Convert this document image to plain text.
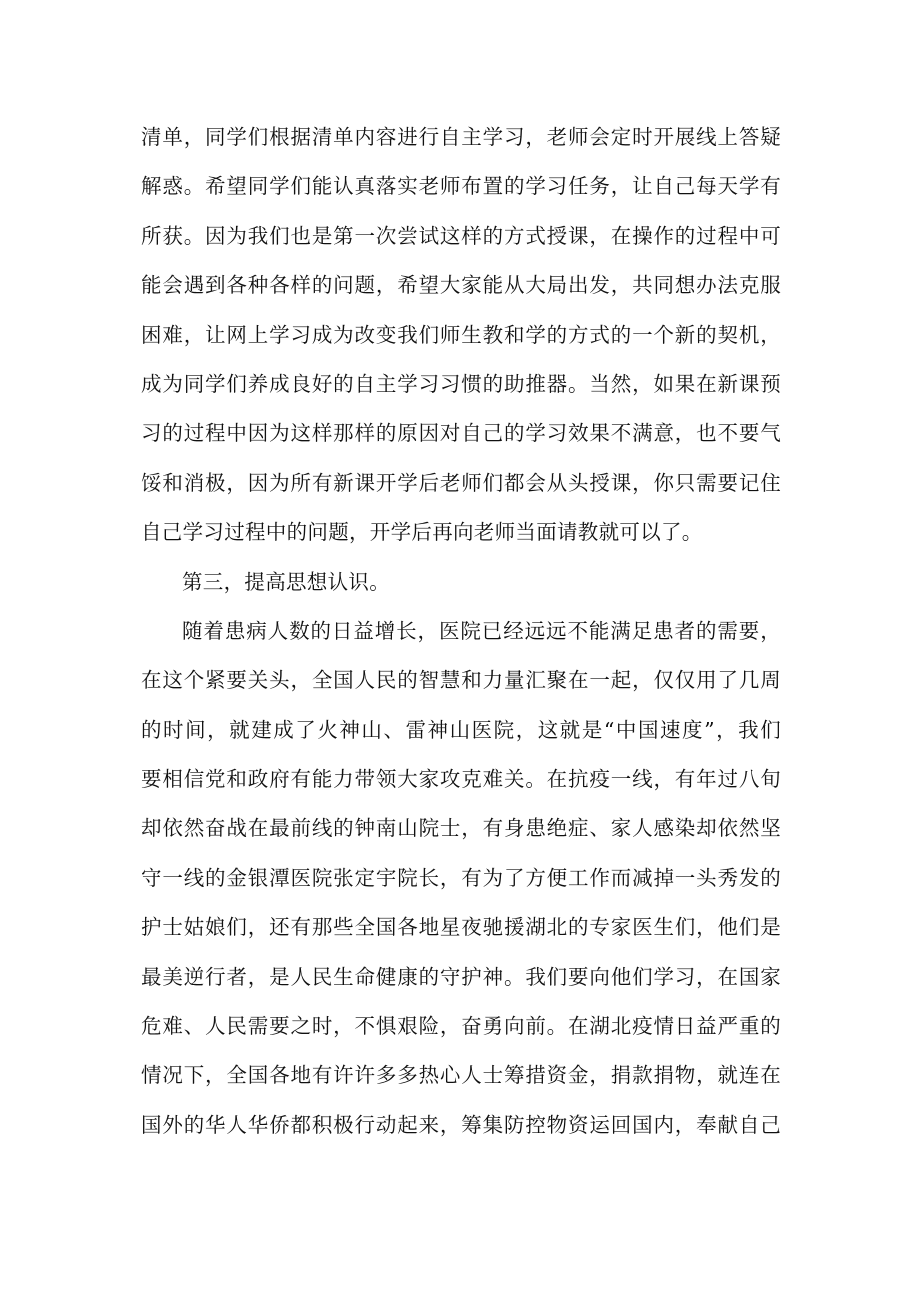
清单，同学们根据清单内容进行自主学习，老师会定时开展线上答疑
解惑。希望同学们能认真落实老师布置的学习任务，让自己每天学有
所获。因为我们也是第一次尝试这样的方式授课，在操作的过程中可
能会遇到各种各样的问题，希望大家能从大局出发，共同想办法克服
困难，让网上学习成为改变我们师生教和学的方式的一个新的契机，
成为同学们养成良好的自主学习习惯的助推器。当然，如果在新课预
习的过程中因为这样那样的原因对自己的学习效果不满意，也不要气
馁和消极，因为所有新课开学后老师们都会从头授课，你只需要记住
自己学习过程中的问题，开学后再向老师当面请教就可以了。
第三，提高思想认识。
随着患病人数的日益增长，医院已经远远不能满足患者的需要，
在这个紧要关头，全国人民的智慧和力量汇聚在一起，仅仅用了几周
的时间，就建成了火神山、雷神山医院，这就是“中国速度”，我们
要相信党和政府有能力带领大家攻克难关。在抗疫一线，有年过八旬
却依然奋战在最前线的钟南山院士，有身患绝症、家人感染却依然坚
守一线的金银潭医院张定宇院长，有为了方便工作而减掉一头秀发的
护士姑娘们，还有那些全国各地星夜驰援湖北的专家医生们，他们是
最美逆行者，是人民生命健康的守护神。我们要向他们学习，在国家
危难、人民需要之时，不惧艰险，奋勇向前。在湖北疫情日益严重的
情况下，全国各地有许许多多热心人士筹措资金，捐款捐物，就连在
国外的华人华侨都积极行动起来，筹集防控物资运回国内，奉献自己
